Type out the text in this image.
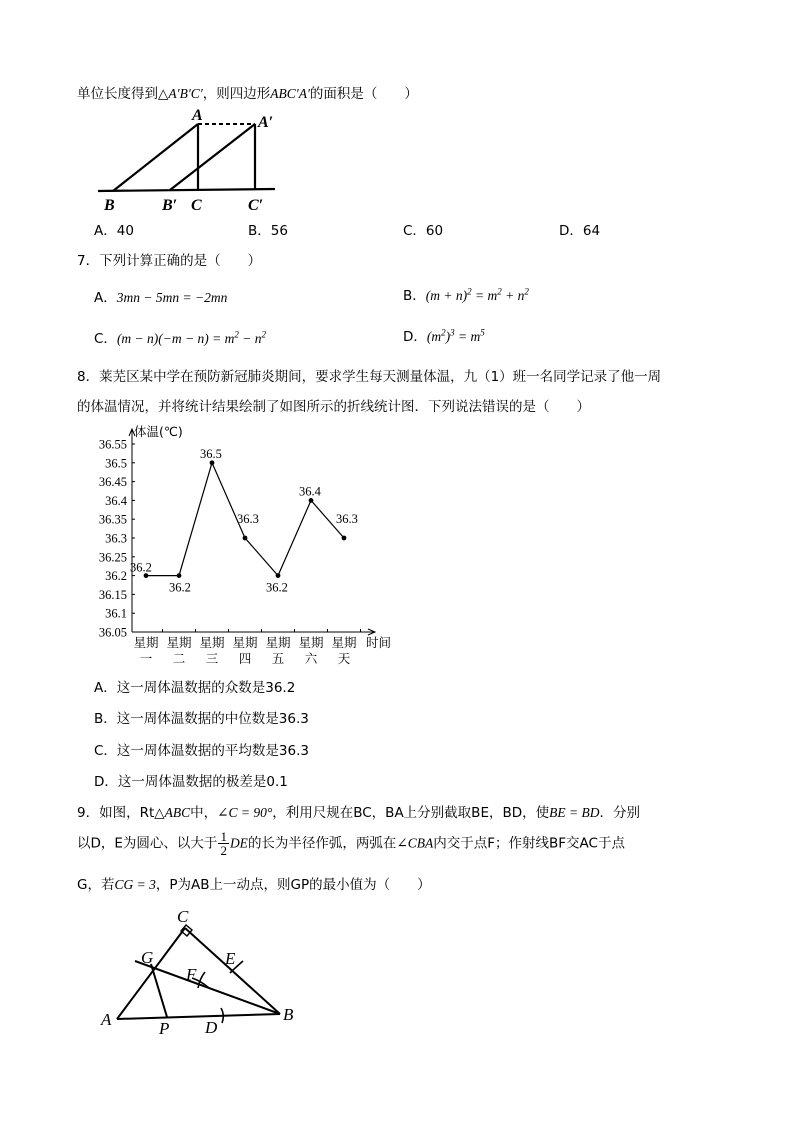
单位长度得到△A′B′C′，则四边形ABC′A′的面积是（　　）
A	A′
B	B′ C	C′
A．40	B．56	C．60	D．64
7．下列计算正确的是（　　）
A．3mn − 5mn = −2mn	B．$(m + n)^2 = m^2 + n^2$
C．$(m - n)(-m - n) = m^2 - n^2$	D．$(m^2)^3 = m^5$
8．莱芜区某中学在预防新冠肺炎期间，要求学生每天测量体温，九（1）班一名同学记录了他一周
的体温情况，并将统计结果绘制了如图所示的折线统计图．下列说法错误的是（　　）
体温(℃)
时间
36.05
36.1
36.15
36.2
36.25
36.3
36.35
36.4
36.45
36.5
36.55
星期
一
星期
二
星期
三
星期
四
星期
五
星期
六
星期
天
36.2
36.2
36.5
36.3
36.2
36.4
36.3
A．这一周体温数据的众数是36.2
B．这一周体温数据的中位数是36.3
C．这一周体温数据的平均数是36.3
D．这一周体温数据的极差是0.1
9．如图，Rt△ABC中，∠C = 90°，利用尺规在BC，BA上分别截取BE，BD，使BE = BD．分别
以D，E为圆心、以大于 $\frac{1}{2}$ DE的长为半径作弧，两弧在∠CBA内交于点F；作射线BF交AC于点
G，若CG = 3，P为AB上一动点，则GP的最小值为（　　）
A	B
C
D
E
F
G
P
